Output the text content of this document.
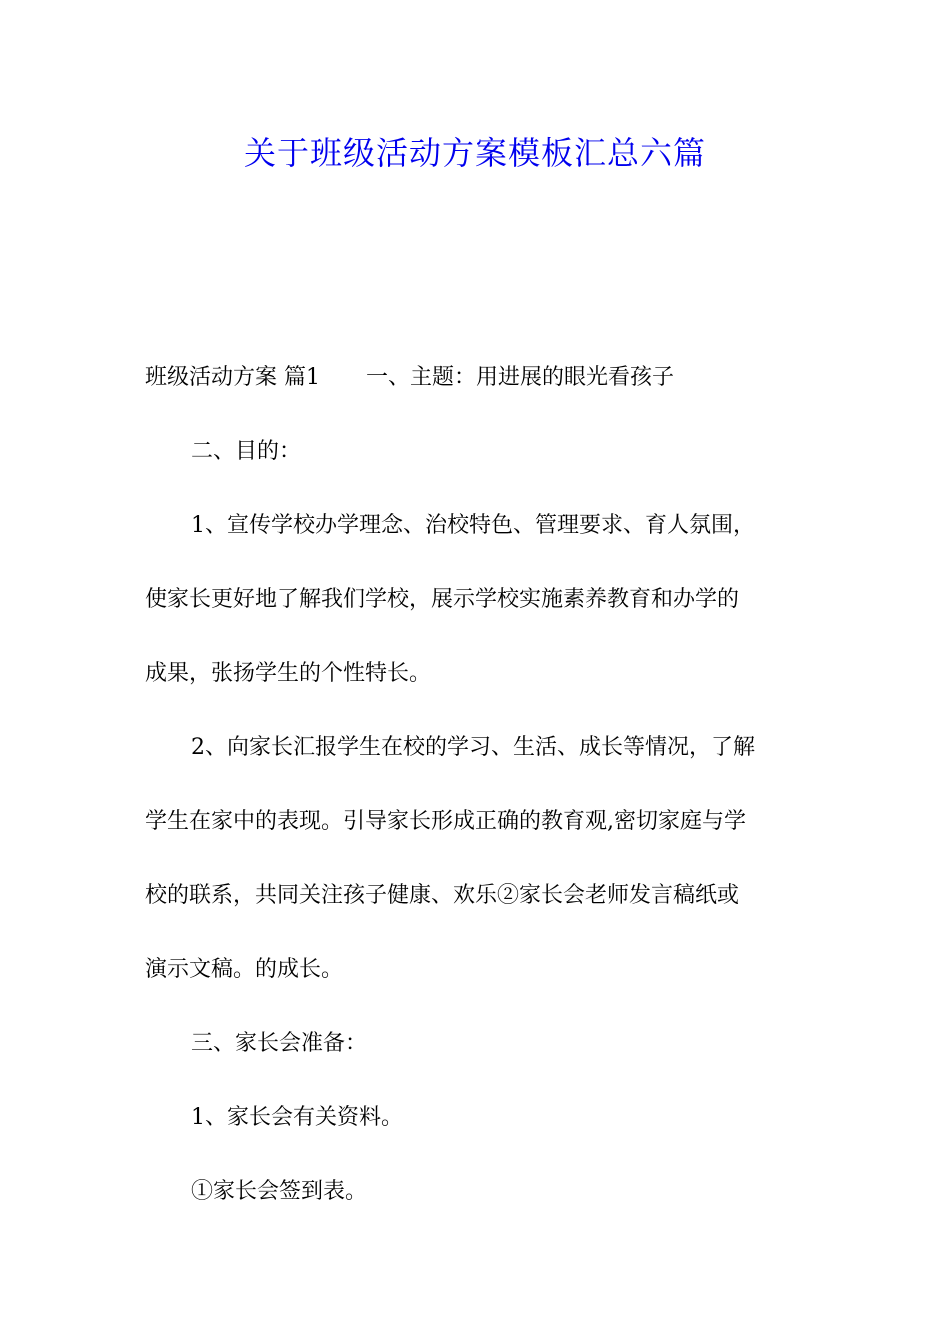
关于班级活动方案模板汇总六篇

班级活动方案 篇1 一、主题：用进展的眼光看孩子

二、目的：

1、宣传学校办学理念、治校特色、管理要求、育人氛围，

使家长更好地了解我们学校，展示学校实施素养教育和办学的

成果，张扬学生的个性特长。

2、向家长汇报学生在校的学习、生活、成长等情况，了解

学生在家中的表现。引导家长形成正确的教育观,密切家庭与学

校的联系，共同关注孩子健康、欢乐②家长会老师发言稿纸或

演示文稿。的成长。

三、家长会准备：

1、家长会有关资料。

①家长会签到表。
